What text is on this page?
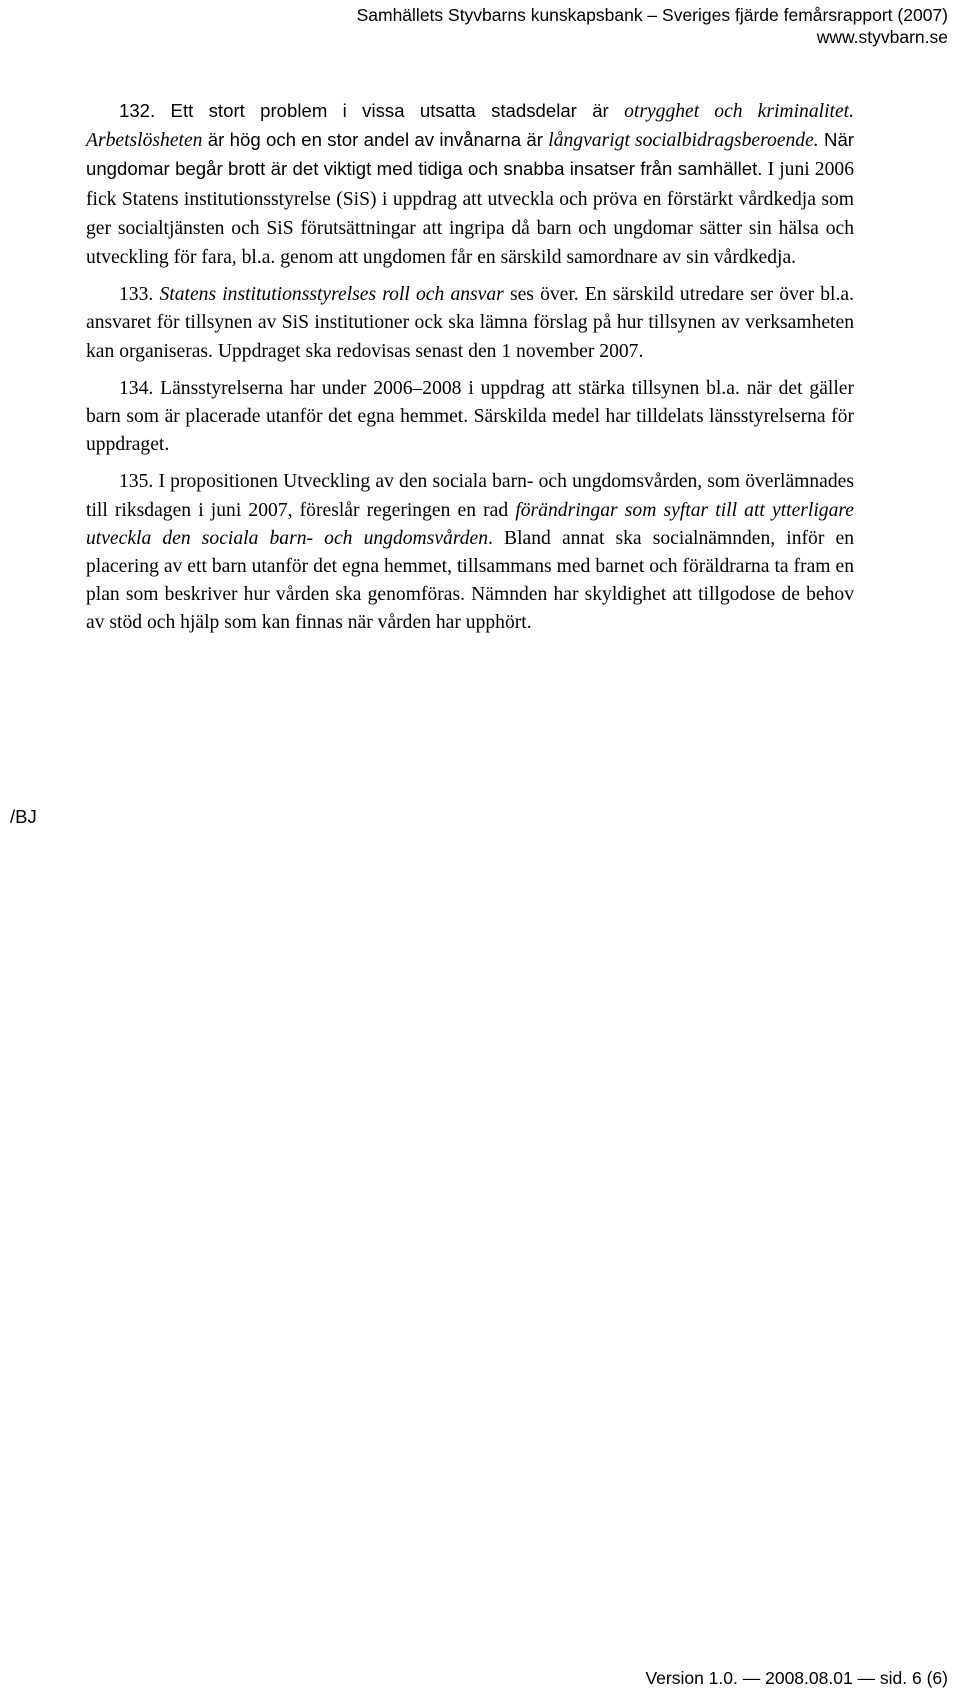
Samhällets Styvbarns kunskapsbank – Sveriges fjärde femårsrapport (2007)
www.styvbarn.se

132. Ett stort problem i vissa utsatta stadsdelar är otrygghet och kriminalitet. Arbetslösheten är hög och en stor andel av invånarna är långvarigt socialbidragsberoende. När ungdomar begår brott är det viktigt med tidiga och snabba insatser från samhället. I juni 2006 fick Statens institutionsstyrelse (SiS) i uppdrag att utveckla och pröva en förstärkt vårdkedja som ger socialtjänsten och SiS förutsättningar att ingripa då barn och ungdomar sätter sin hälsa och utveckling för fara, bl.a. genom att ungdomen får en särskild samordnare av sin vårdkedja.

133. Statens institutionsstyrelses roll och ansvar ses över. En särskild utredare ser över bl.a. ansvaret för tillsynen av SiS institutioner ock ska lämna förslag på hur tillsynen av verksamheten kan organiseras. Uppdraget ska redovisas senast den 1 november 2007.

134. Länsstyrelserna har under 2006–2008 i uppdrag att stärka tillsynen bl.a. när det gäller barn som är placerade utanför det egna hemmet. Särskilda medel har tilldelats länsstyrelserna för uppdraget.

135. I propositionen Utveckling av den sociala barn- och ungdomsvården, som överlämnades till riksdagen i juni 2007, föreslår regeringen en rad förändringar som syftar till att ytterligare utveckla den sociala barn- och ungdomsvården. Bland annat ska socialnämnden, inför en placering av ett barn utanför det egna hemmet, tillsammans med barnet och föräldrarna ta fram en plan som beskriver hur vården ska genomföras. Nämnden har skyldighet att tillgodose de behov av stöd och hjälp som kan finnas när vården har upphört.

/BJ
Version 1.0. — 2008.08.01 — sid. 6 (6)
